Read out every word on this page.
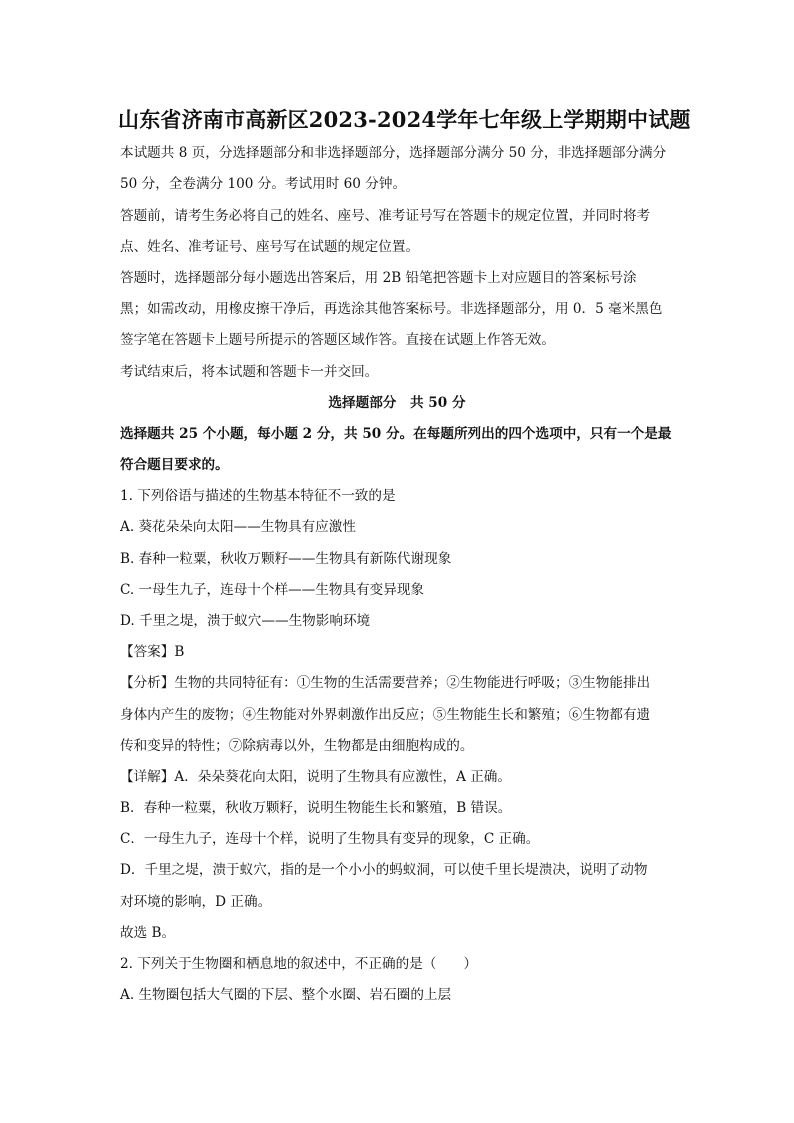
山东省济南市高新区2023-2024学年七年级上学期期中试题
本试题共 8 页，分选择题部分和非选择题部分，选择题部分满分 50 分，非选择题部分满分
50 分，全卷满分 100 分。考试用时 60 分钟。
答题前，请考生务必将自己的姓名、座号、准考证号写在答题卡的规定位置，并同时将考
点、姓名、准考证号、座号写在试题的规定位置。
答题时，选择题部分每小题选出答案后，用 2B 铅笔把答题卡上对应题目的答案标号涂
黑；如需改动，用橡皮擦干净后，再选涂其他答案标号。非选择题部分，用 0．5 毫米黑色
签字笔在答题卡上题号所提示的答题区域作答。直接在试题上作答无效。
考试结束后，将本试题和答题卡一并交回。
选择题部分　共 50 分
选择题共 25 个小题，每小题 2 分，共 50 分。在每题所列出的四个选项中，只有一个是最
符合题目要求的。
1. 下列俗语与描述的生物基本特征不一致的是
A. 葵花朵朵向太阳——生物具有应激性
B. 春种一粒粟，秋收万颗籽——生物具有新陈代谢现象
C. 一母生九子，连母十个样——生物具有变异现象
D. 千里之堤，溃于蚁穴——生物影响环境
【答案】B
【分析】生物的共同特征有：①生物的生活需要营养；②生物能进行呼吸；③生物能排出
身体内产生的废物；④生物能对外界刺激作出反应；⑤生物能生长和繁殖；⑥生物都有遗
传和变异的特性；⑦除病毒以外，生物都是由细胞构成的。
【详解】A．朵朵葵花向太阳，说明了生物具有应激性，A 正确。
B．春种一粒粟，秋收万颗籽，说明生物能生长和繁殖，B 错误。
C．一母生九子，连母十个样，说明了生物具有变异的现象，C 正确。
D．千里之堤，溃于蚁穴，指的是一个小小的蚂蚁洞，可以使千里长堤溃决，说明了动物
对环境的影响，D 正确。
故选 B。
2. 下列关于生物圈和栖息地的叙述中，不正确的是（　　）
A. 生物圈包括大气圈的下层、整个水圈、岩石圈的上层
